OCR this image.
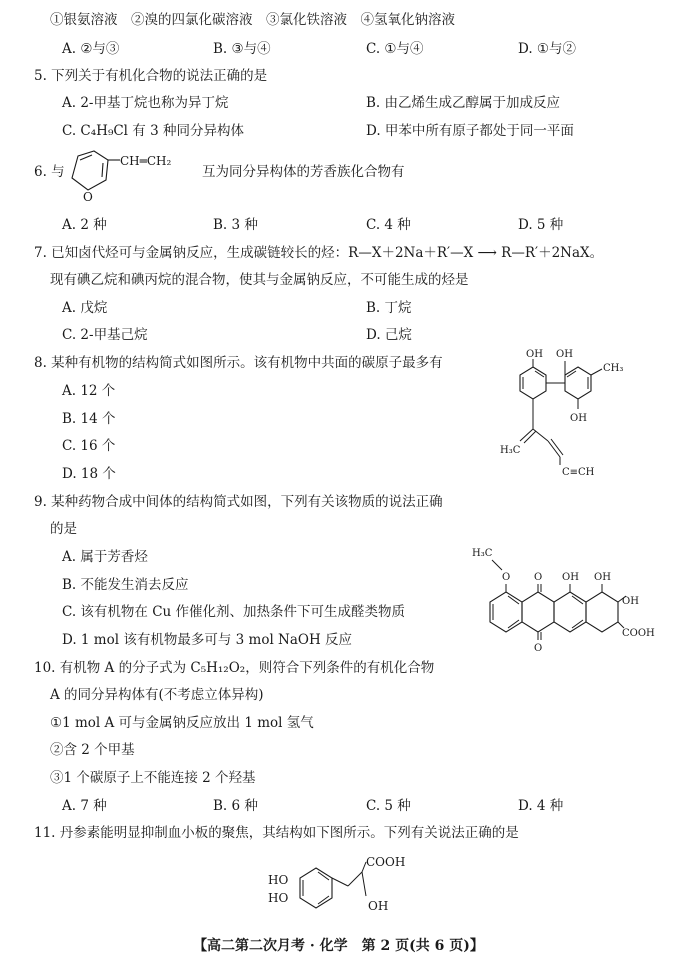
①银氨溶液　②溴的四氯化碳溶液　③氯化铁溶液　④氢氧化钠溶液
A. ②与③	B. ③与④	C. ①与④	D. ①与②
5. 下列关于有机化合物的说法正确的是
A. 2-甲基丁烷也称为异丁烷	B. 由乙烯生成乙醇属于加成反应
C. C₄H₉Cl 有 3 种同分异构体	D. 甲苯中所有原子都处于同一平面
6. 与
CH═CH₂
O
互为同分异构体的芳香族化合物有
A. 2 种	B. 3 种	C. 4 种	D. 5 种
7. 已知卤代烃可与金属钠反应，生成碳链较长的烃：R—X＋2Na＋R′—X ⟶ R—R′＋2NaX。
现有碘乙烷和碘丙烷的混合物，使其与金属钠反应，不可能生成的烃是
A. 戊烷	B. 丁烷
C. 2-甲基己烷	D. 己烷
8. 某种有机物的结构简式如图所示。该有机物中共面的碳原子最多有
A. 12 个
B. 14 个
C. 16 个
D. 18 个
OH OH
OH
CH₃
H₃C
C≡CH
9. 某种药物合成中间体的结构简式如图，下列有关该物质的说法正确
的是
A. 属于芳香烃
B. 不能发生消去反应
C. 该有机物在 Cu 作催化剂、加热条件下可生成醛类物质
D. 1 mol 该有机物最多可与 3 mol NaOH 反应
H₃C
O O
O
OH OH
OH
COOH
10. 有机物 A 的分子式为 C₅H₁₂O₂，则符合下列条件的有机化合物
A 的同分异构体有(不考虑立体异构)
①1 mol A 可与金属钠反应放出 1 mol 氢气
②含 2 个甲基
③1 个碳原子上不能连接 2 个羟基
A. 7 种	B. 6 种	C. 5 种	D. 4 种
11. 丹参素能明显抑制血小板的聚焦，其结构如下图所示。下列有关说法正确的是
HO
HO
COOH
OH
【高二第二次月考 · 化学　第 2 页(共 6 页)】
